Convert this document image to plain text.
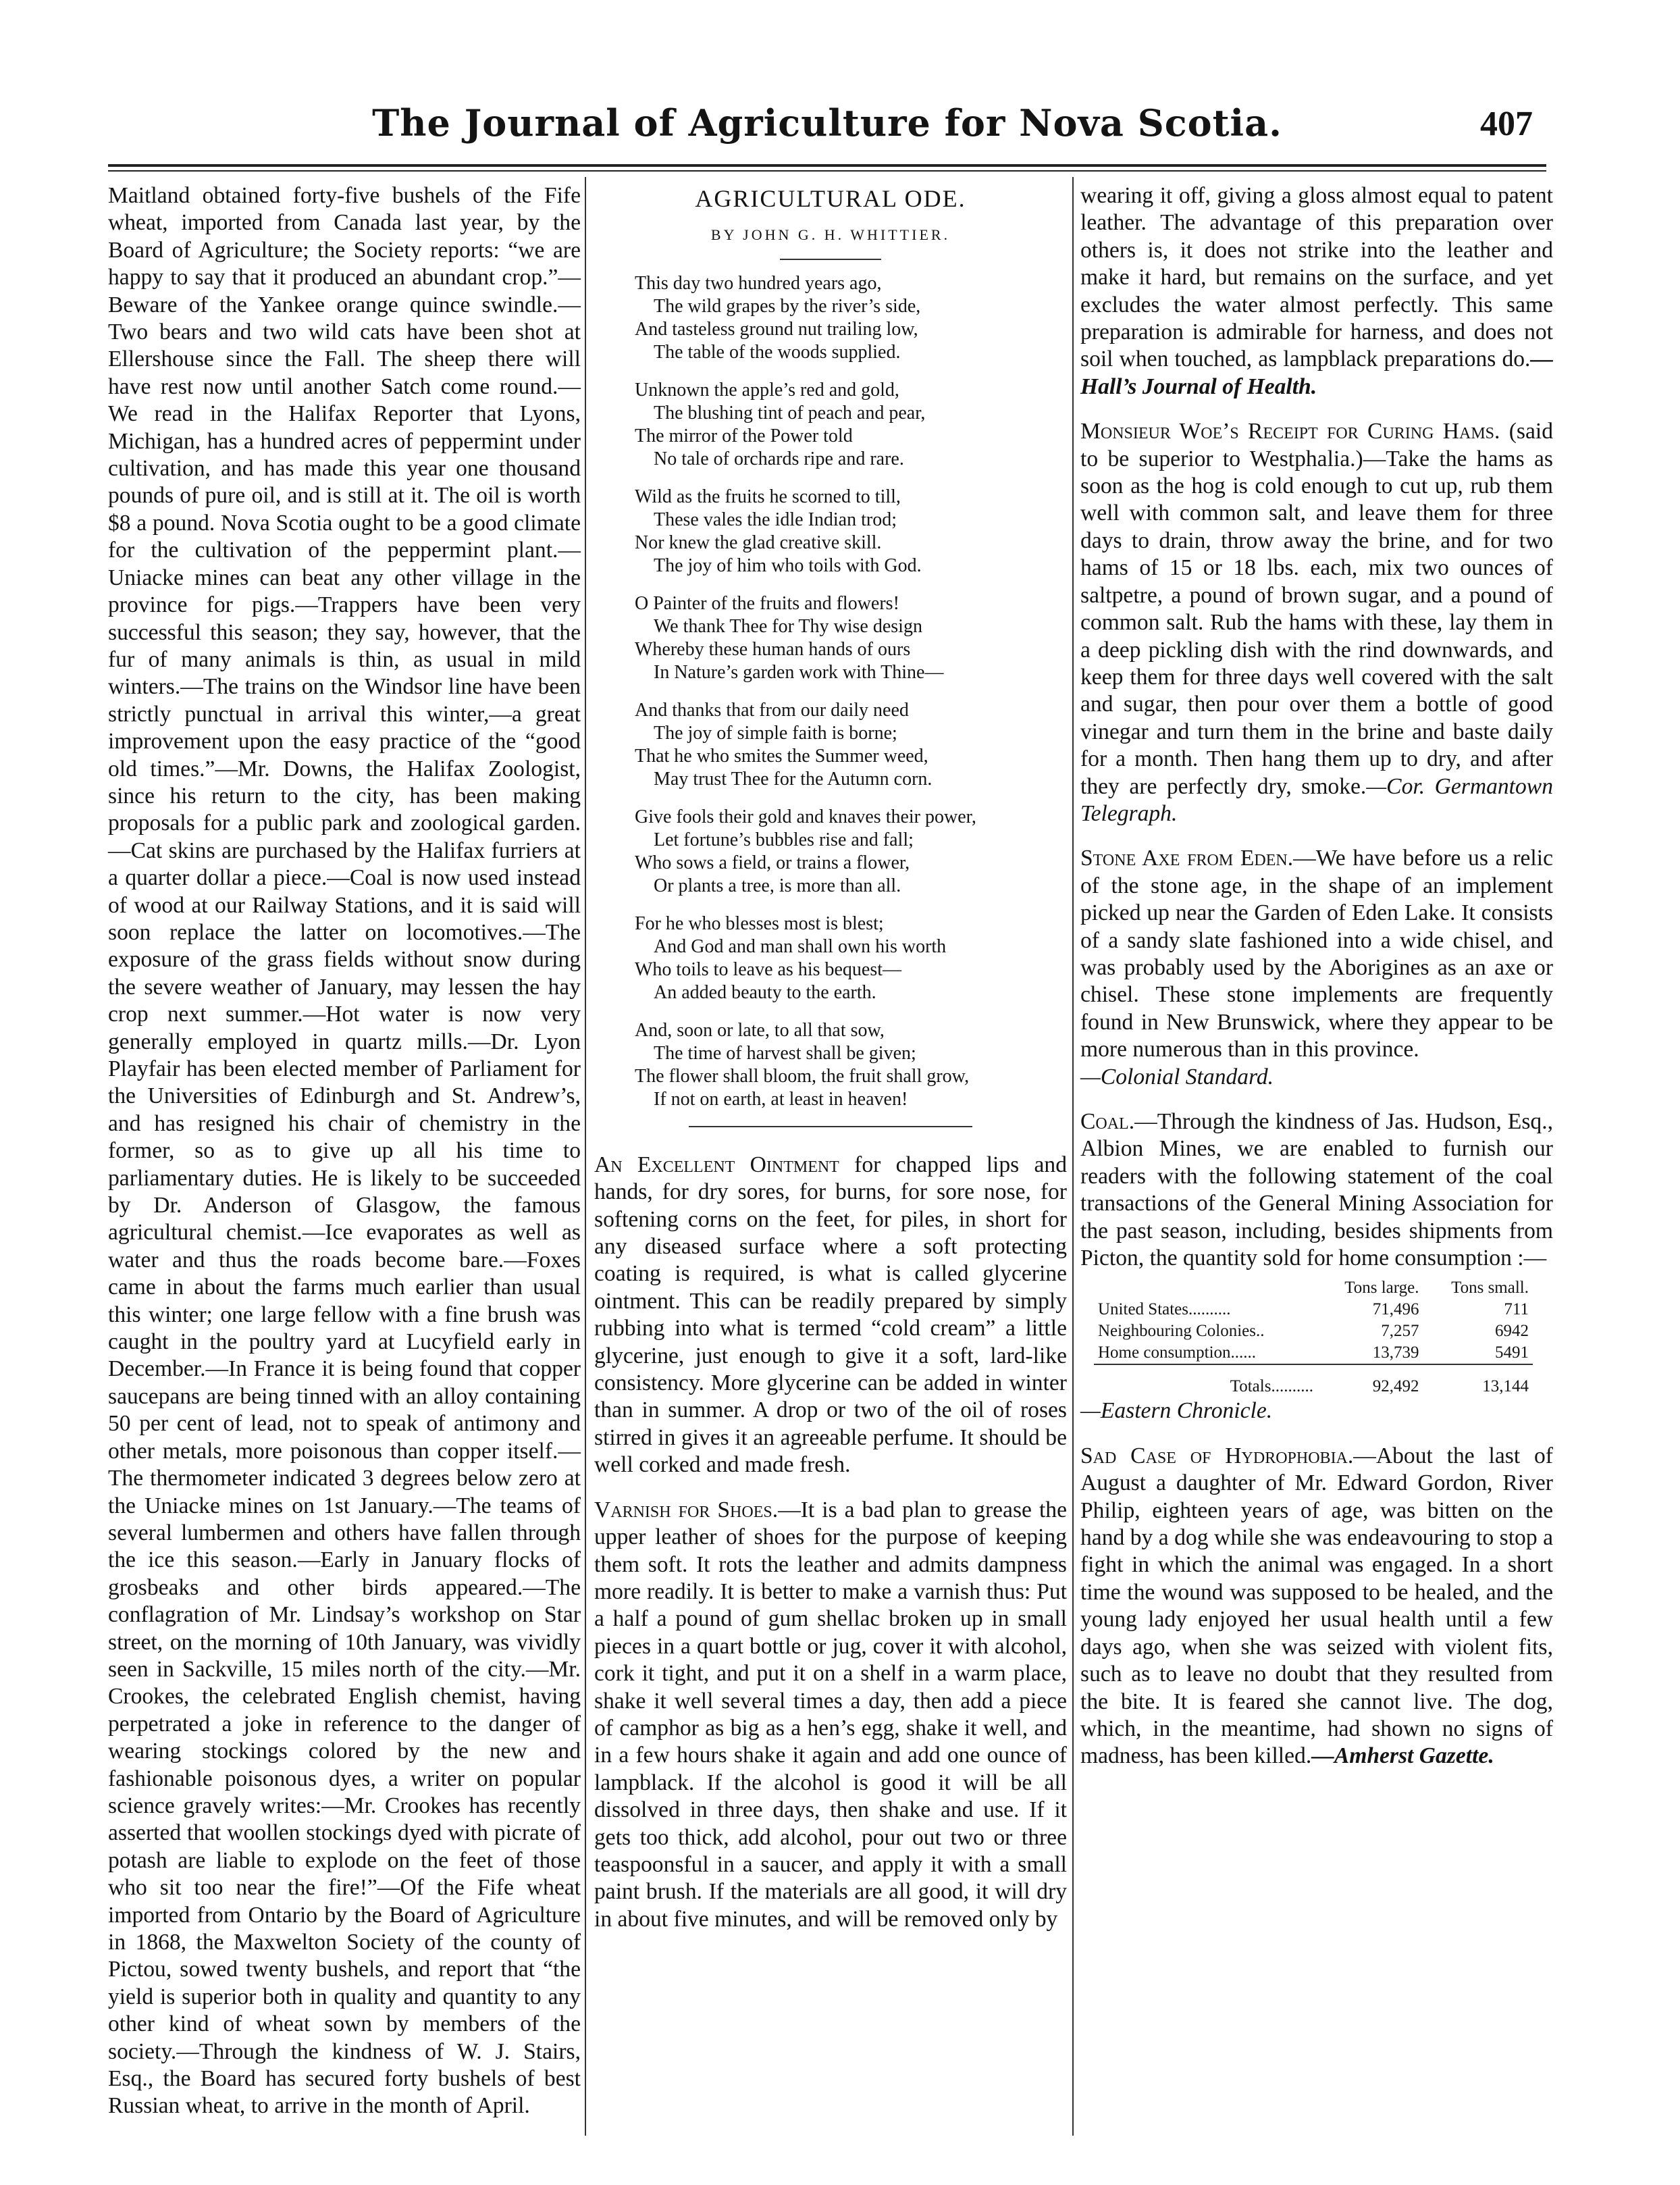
The Journal of Agriculture for Nova Scotia.	407

Maitland obtained forty-five bushels of the Fife wheat, imported from Canada last year, by the Board of Agriculture; the Society reports: “we are happy to say that it produced an abundant crop.”—Beware of the Yankee orange quince swindle.—Two bears and two wild cats have been shot at Ellershouse since the Fall. The sheep there will have rest now until another Satch come round.—We read in the Halifax Reporter that Lyons, Michigan, has a hundred acres of peppermint under cultivation, and has made this year one thousand pounds of pure oil, and is still at it. The oil is worth $8 a pound. Nova Scotia ought to be a good climate for the cultivation of the peppermint plant.—Uniacke mines can beat any other village in the province for pigs.—Trappers have been very successful this season; they say, however, that the fur of many animals is thin, as usual in mild winters.—The trains on the Windsor line have been strictly punctual in arrival this winter,—a great improvement upon the easy practice of the “good old times.”—Mr. Downs, the Halifax Zoologist, since his return to the city, has been making proposals for a public park and zoological garden.—Cat skins are purchased by the Halifax furriers at a quarter dollar a piece.—Coal is now used instead of wood at our Railway Stations, and it is said will soon replace the latter on locomotives.—The exposure of the grass fields without snow during the severe weather of January, may lessen the hay crop next summer.—Hot water is now very generally employed in quartz mills.—Dr. Lyon Playfair has been elected member of Parliament for the Universities of Edinburgh and St. Andrew’s, and has resigned his chair of chemistry in the former, so as to give up all his time to parliamentary duties. He is likely to be succeeded by Dr. Anderson of Glasgow, the famous agricultural chemist.—Ice evaporates as well as water and thus the roads become bare.—Foxes came in about the farms much earlier than usual this winter; one large fellow with a fine brush was caught in the poultry yard at Lucyfield early in December.—In France it is being found that copper saucepans are being tinned with an alloy containing 50 per cent of lead, not to speak of antimony and other metals, more poisonous than copper itself.—The thermometer indicated 3 degrees below zero at the Uniacke mines on 1st January.—The teams of several lumbermen and others have fallen through the ice this season.—Early in January flocks of grosbeaks and other birds appeared.—The conflagration of Mr. Lindsay’s workshop on Star street, on the morning of 10th January, was vividly seen in Sackville, 15 miles north of the city.—Mr. Crookes, the celebrated English chemist, having perpetrated a joke in reference to the danger of wearing stockings colored by the new and fashionable poisonous dyes, a writer on popular science gravely writes:—Mr. Crookes has recently asserted that woollen stockings dyed with picrate of potash are liable to explode on the feet of those who sit too near the fire!”—Of the Fife wheat imported from Ontario by the Board of Agriculture in 1868, the Maxwelton Society of the county of Pictou, sowed twenty bushels, and report that “the yield is superior both in quality and quantity to any other kind of wheat sown by members of the society.—Through the kindness of W. J. Stairs, Esq., the Board has secured forty bushels of best Russian wheat, to arrive in the month of April.

AGRICULTURAL ODE.
BY JOHN G. H. WHITTIER.
This day two hundred years ago,
The wild grapes by the river’s side,
And tasteless ground nut trailing low,
The table of the woods supplied.
Unknown the apple’s red and gold,
The blushing tint of peach and pear,
The mirror of the Power told
No tale of orchards ripe and rare.
Wild as the fruits he scorned to till,
These vales the idle Indian trod;
Nor knew the glad creative skill.
The joy of him who toils with God.
O Painter of the fruits and flowers!
We thank Thee for Thy wise design
Whereby these human hands of ours
In Nature’s garden work with Thine—
And thanks that from our daily need
The joy of simple faith is borne;
That he who smites the Summer weed,
May trust Thee for the Autumn corn.
Give fools their gold and knaves their power,
Let fortune’s bubbles rise and fall;
Who sows a field, or trains a flower,
Or plants a tree, is more than all.
For he who blesses most is blest;
And God and man shall own his worth
Who toils to leave as his bequest—
An added beauty to the earth.
And, soon or late, to all that sow,
The time of harvest shall be given;
The flower shall bloom, the fruit shall grow,
If not on earth, at least in heaven!

An Excellent Ointment for chapped lips and hands, for dry sores, for burns, for sore nose, for softening corns on the feet, for piles, in short for any diseased surface where a soft protecting coating is required, is what is called glycerine ointment. This can be readily prepared by simply rubbing into what is termed “cold cream” a little glycerine, just enough to give it a soft, lard-like consistency. More glycerine can be added in winter than in summer. A drop or two of the oil of roses stirred in gives it an agreeable perfume. It should be well corked and made fresh.

Varnish for Shoes.—It is a bad plan to grease the upper leather of shoes for the purpose of keeping them soft. It rots the leather and admits dampness more readily. It is better to make a varnish thus: Put a half a pound of gum shellac broken up in small pieces in a quart bottle or jug, cover it with alcohol, cork it tight, and put it on a shelf in a warm place, shake it well several times a day, then add a piece of camphor as big as a hen’s egg, shake it well, and in a few hours shake it again and add one ounce of lampblack. If the alcohol is good it will be all dissolved in three days, then shake and use. If it gets too thick, add alcohol, pour out two or three teaspoonsful in a saucer, and apply it with a small paint brush. If the materials are all good, it will dry in about five minutes, and will be removed only by

wearing it off, giving a gloss almost equal to patent leather. The advantage of this preparation over others is, it does not strike into the leather and make it hard, but remains on the surface, and yet excludes the water almost perfectly. This same preparation is admirable for harness, and does not soil when touched, as lampblack preparations do.—Hall’s Journal of Health.

Monsieur Woe’s Receipt for Curing Hams. (said to be superior to Westphalia.)—Take the hams as soon as the hog is cold enough to cut up, rub them well with common salt, and leave them for three days to drain, throw away the brine, and for two hams of 15 or 18 lbs. each, mix two ounces of saltpetre, a pound of brown sugar, and a pound of common salt. Rub the hams with these, lay them in a deep pickling dish with the rind downwards, and keep them for three days well covered with the salt and sugar, then pour over them a bottle of good vinegar and turn them in the brine and baste daily for a month. Then hang them up to dry, and after they are perfectly dry, smoke.—Cor. Germantown Telegraph.

Stone Axe from Eden.—We have before us a relic of the stone age, in the shape of an implement picked up near the Garden of Eden Lake. It consists of a sandy slate fashioned into a wide chisel, and was probably used by the Aborigines as an axe or chisel. These stone implements are frequently found in New Brunswick, where they appear to be more numerous than in this province.
—Colonial Standard.

Coal.—Through the kindness of Jas. Hudson, Esq., Albion Mines, we are enabled to furnish our readers with the following statement of the coal transactions of the General Mining Association for the past season, including, besides shipments from Picton, the quantity sold for home consumption :—

	Tons large.	Tons small.
United States..........	71,496	711
Neighbouring Colonies..	7,257	6942
Home consumption......	13,739	5491

Totals..........	92,492	13,144

—Eastern Chronicle.

Sad Case of Hydrophobia.—About the last of August a daughter of Mr. Edward Gordon, River Philip, eighteen years of age, was bitten on the hand by a dog while she was endeavouring to stop a fight in which the animal was engaged. In a short time the wound was supposed to be healed, and the young lady enjoyed her usual health until a few days ago, when she was seized with violent fits, such as to leave no doubt that they resulted from the bite. It is feared she cannot live. The dog, which, in the meantime, had shown no signs of madness, has been killed.—Amherst Gazette.
